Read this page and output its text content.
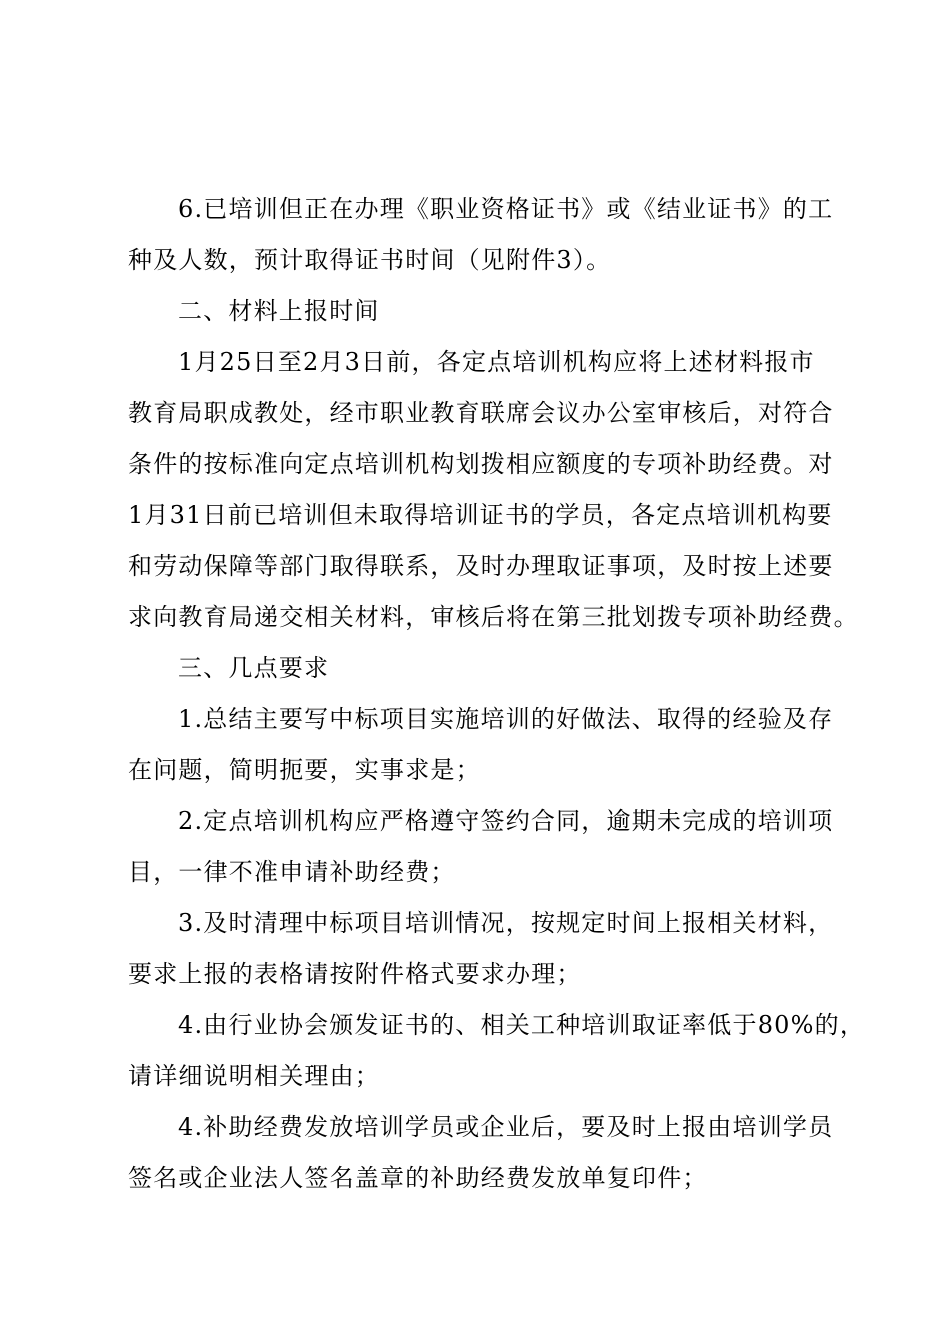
6.已培训但正在办理《职业资格证书》或《结业证书》的工
种及人数，预计取得证书时间（见附件3）。

二、材料上报时间

1月25日至2月3日前，各定点培训机构应将上述材料报市
教育局职成教处，经市职业教育联席会议办公室审核后，对符合
条件的按标准向定点培训机构划拨相应额度的专项补助经费。对
1月31日前已培训但未取得培训证书的学员，各定点培训机构要
和劳动保障等部门取得联系，及时办理取证事项，及时按上述要
求向教育局递交相关材料，审核后将在第三批划拨专项补助经费。

三、几点要求

1.总结主要写中标项目实施培训的好做法、取得的经验及存
在问题，简明扼要，实事求是；

2.定点培训机构应严格遵守签约合同，逾期未完成的培训项
目，一律不准申请补助经费；

3.及时清理中标项目培训情况，按规定时间上报相关材料，
要求上报的表格请按附件格式要求办理；

4.由行业协会颁发证书的、相关工种培训取证率低于80%的，
请详细说明相关理由；

4.补助经费发放培训学员或企业后，要及时上报由培训学员
签名或企业法人签名盖章的补助经费发放单复印件；
